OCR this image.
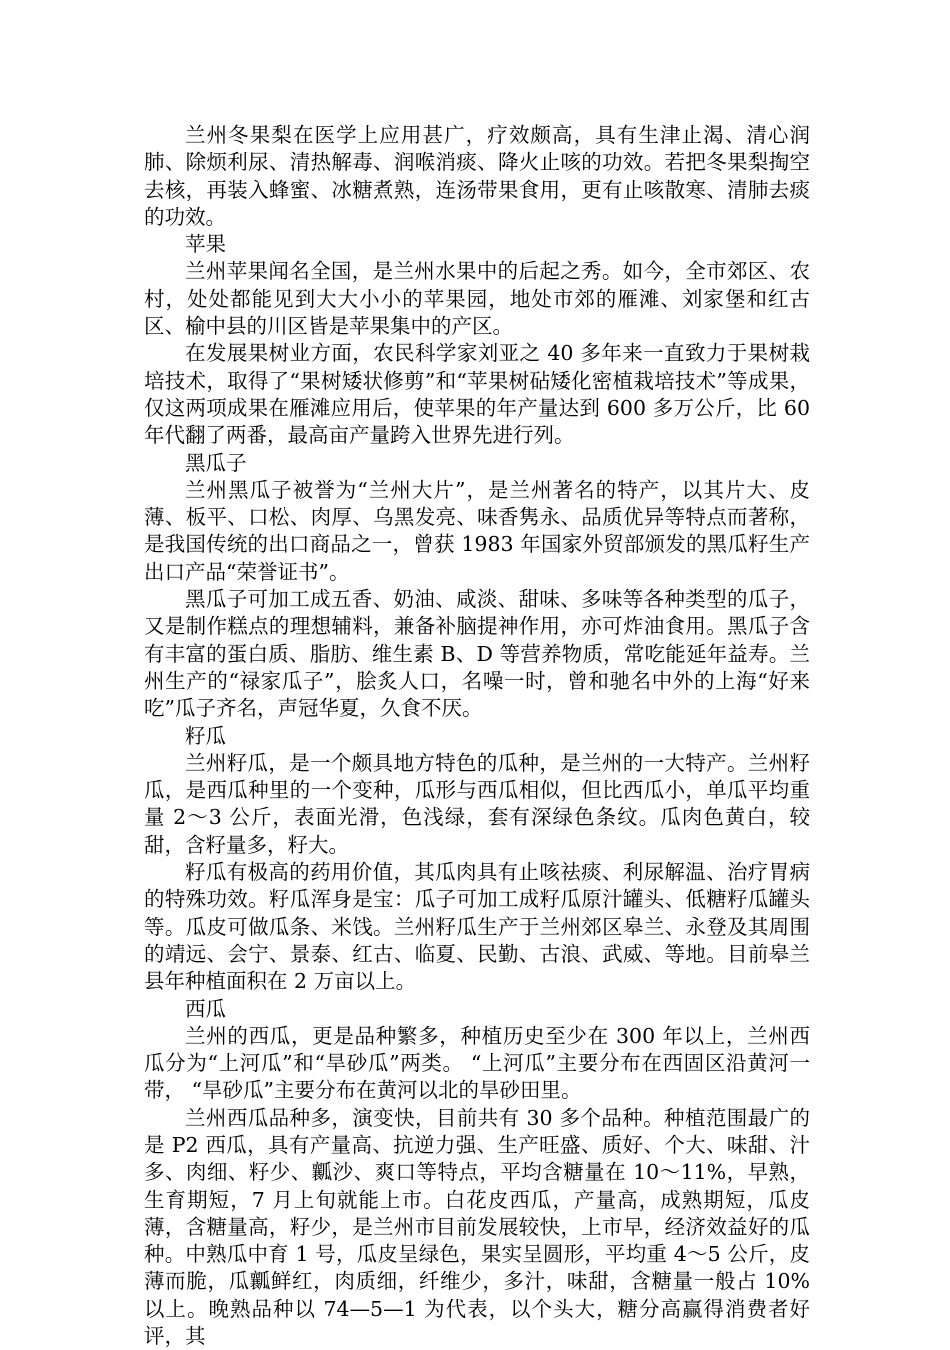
兰州冬果梨在医学上应用甚广，疗效颇高，具有生津止渴、清心润肺、除烦利尿、清热解毒、润喉消痰、降火止咳的功效。若把冬果梨掏空去核，再装入蜂蜜、冰糖煮熟，连汤带果食用，更有止咳散寒、清肺去痰的功效。

苹果

兰州苹果闻名全国，是兰州水果中的后起之秀。如今，全市郊区、农村，处处都能见到大大小小的苹果园，地处市郊的雁滩、刘家堡和红古区、榆中县的川区皆是苹果集中的产区。

在发展果树业方面，农民科学家刘亚之 40 多年来一直致力于果树栽培技术，取得了“果树矮状修剪”和“苹果树砧矮化密植栽培技术”等成果，仅这两项成果在雁滩应用后，使苹果的年产量达到 600 多万公斤，比 60 年代翻了两番，最高亩产量跨入世界先进行列。

黑瓜子

兰州黑瓜子被誉为“兰州大片”，是兰州著名的特产，以其片大、皮薄、板平、口松、肉厚、乌黑发亮、味香隽永、品质优异等特点而著称，是我国传统的出口商品之一，曾获 1983 年国家外贸部颁发的黑瓜籽生产出口产品“荣誉证书”。

黑瓜子可加工成五香、奶油、咸淡、甜味、多味等各种类型的瓜子，又是制作糕点的理想辅料，兼备补脑提神作用，亦可炸油食用。黑瓜子含 有丰富的蛋白质、脂肪、维生素 B、D 等营养物质，常吃能延年益寿。兰州生产的“禄家瓜子”，脍炙人口，名噪一时，曾和驰名中外的上海“好来吃”瓜子齐名，声冠华夏，久食不厌。

籽瓜

兰州籽瓜，是一个颇具地方特色的瓜种，是兰州的一大特产。兰州籽瓜，是西瓜种里的一个变种，瓜形与西瓜相似，但比西瓜小，单瓜平均重量 2～3 公斤，表面光滑，色浅绿，套有深绿色条纹。瓜肉色黄白，较甜，含籽量多，籽大。

籽瓜有极高的药用价值，其瓜肉具有止咳祛痰、利尿解温、治疗胃病的特殊功效。籽瓜浑身是宝：瓜子可加工成籽瓜原汁罐头、低糖籽瓜罐头等。瓜皮可做瓜条、米饯。兰州籽瓜生产于兰州郊区皋兰、永登及其周围的靖远、会宁、景泰、红古、临夏、民勤、古浪、武威、等地。目前皋兰县年种植面积在 2 万亩以上。

西瓜

兰州的西瓜，更是品种繁多，种植历史至少在 300 年以上，兰州西瓜分为“上河瓜”和“旱砂瓜”两类。 “上河瓜”主要分布在西固区沿黄河一带， “旱砂瓜”主要分布在黄河以北的旱砂田里。

兰州西瓜品种多，演变快，目前共有 30 多个品种。种植范围最广的是 P2 西瓜，具有产量高、抗逆力强、生产旺盛、质好、个大、味甜、汁多、肉细、籽少、瓤沙、爽口等特点，平均含糖量在 10～11%，早熟，生育期短，7 月上旬就能上市。白花皮西瓜，产量高，成熟期短，瓜皮薄，含糖量高，籽少，是兰州市目前发展较快，上市早，经济效益好的瓜种。中熟瓜中育 1 号，瓜皮呈绿色，果实呈圆形，平均重 4～5 公斤，皮薄而脆，瓜瓤鲜红，肉质细，纤维少，多汁，味甜，含糖量一般占 10%以上。晚熟品种以 74—5—1 为代表，以个头大，糖分高赢得消费者好评，其
